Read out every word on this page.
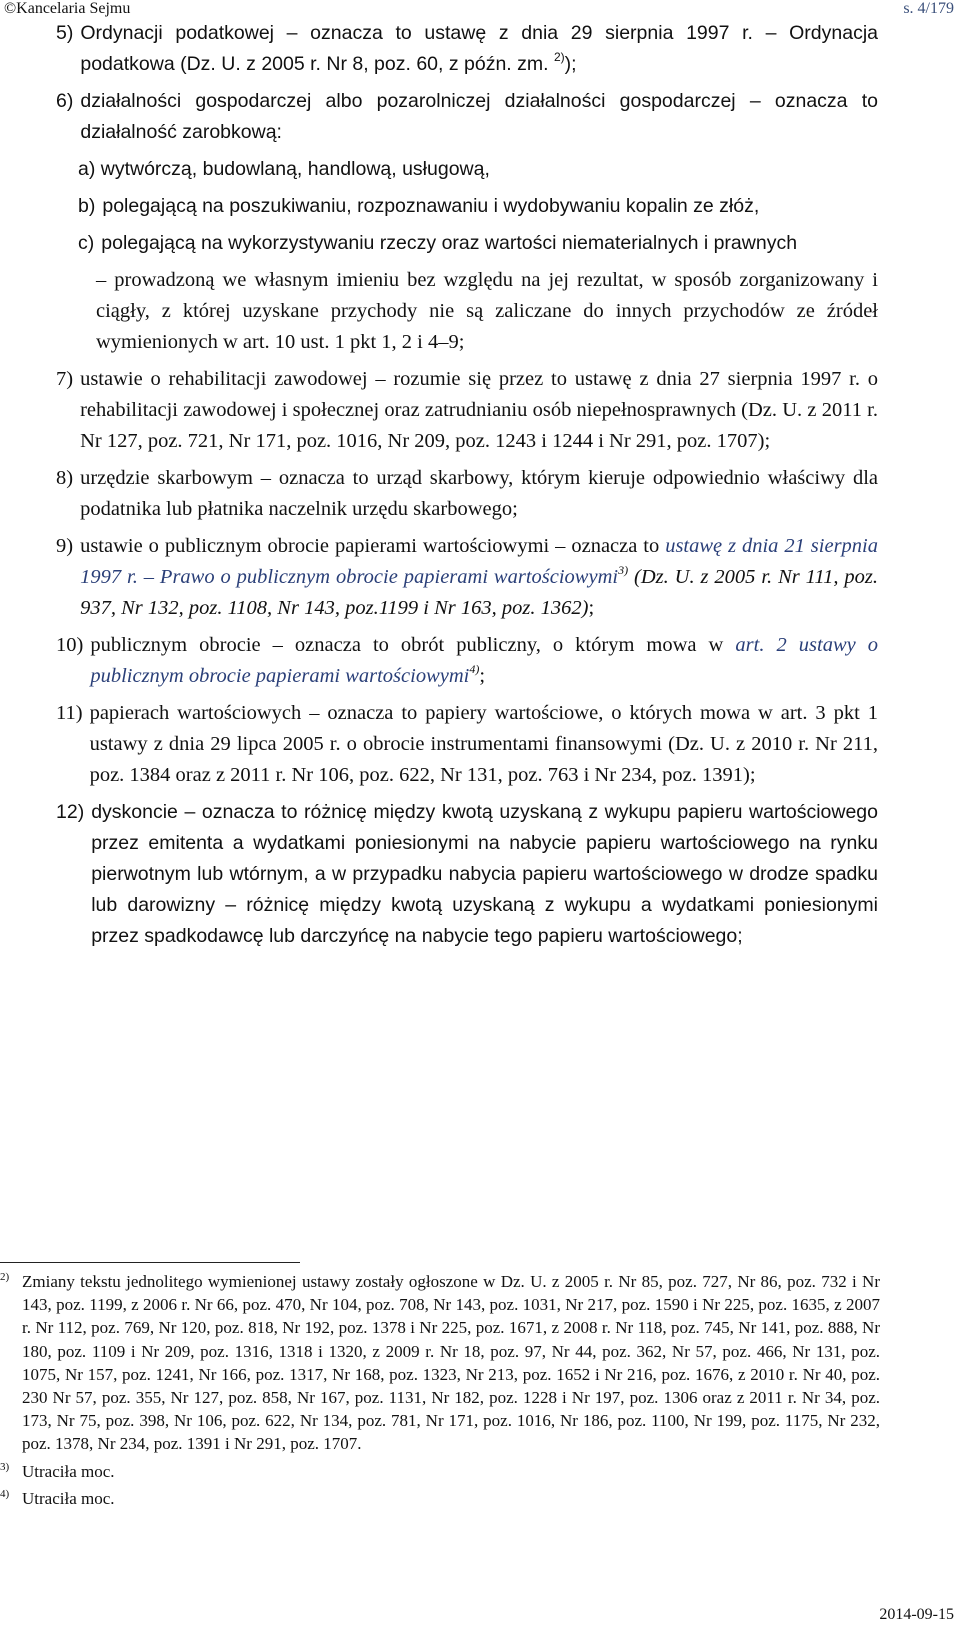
©Kancelaria Sejmu	s. 4/179
5) Ordynacji podatkowej – oznacza to ustawę z dnia 29 sierpnia 1997 r. – Ordynacja podatkowa (Dz. U. z 2005 r. Nr 8, poz. 60, z późn. zm. $^{2)}$);
6) działalności gospodarczej albo pozarolniczej działalności gospodarczej – oznacza to działalność zarobkową:
a) wytwórczą, budowlaną, handlową, usługową,
b) polegającą na poszukiwaniu, rozpoznawaniu i wydobywaniu kopalin ze złóż,
c) polegającą na wykorzystywaniu rzeczy oraz wartości niematerialnych i prawnych
– prowadzoną we własnym imieniu bez względu na jej rezultat, w sposób zorganizowany i ciągły, z której uzyskane przychody nie są zaliczane do innych przychodów ze źródeł wymienionych w art. 10 ust. 1 pkt 1, 2 i 4–9;
7) ustawie o rehabilitacji zawodowej – rozumie się przez to ustawę z dnia 27 sierpnia 1997 r. o rehabilitacji zawodowej i społecznej oraz zatrudnianiu osób niepełnosprawnych (Dz. U. z 2011 r. Nr 127, poz. 721, Nr 171, poz. 1016, Nr 209, poz. 1243 i 1244 i Nr 291, poz. 1707);
8) urzędzie skarbowym – oznacza to urząd skarbowy, którym kieruje odpowiednio właściwy dla podatnika lub płatnika naczelnik urzędu skarbowego;
9) ustawie o publicznym obrocie papierami wartościowymi – oznacza to ustawę z dnia 21 sierpnia 1997 r. – Prawo o publicznym obrocie papierami wartościowymi$^{3)}$ (Dz. U. z 2005 r. Nr 111, poz. 937, Nr 132, poz. 1108, Nr 143, poz.1199 i Nr 163, poz. 1362);
10) publicznym obrocie – oznacza to obrót publiczny, o którym mowa w art. 2 ustawy o publicznym obrocie papierami wartościowymi$^{4)}$;
11) papierach wartościowych – oznacza to papiery wartościowe, o których mowa w art. 3 pkt 1 ustawy z dnia 29 lipca 2005 r. o obrocie instrumentami finansowymi (Dz. U. z 2010 r. Nr 211, poz. 1384 oraz z 2011 r. Nr 106, poz. 622, Nr 131, poz. 763 i Nr 234, poz. 1391);
12) dyskoncie – oznacza to różnicę między kwotą uzyskaną z wykupu papieru wartościowego przez emitenta a wydatkami poniesionymi na nabycie papieru wartościowego na rynku pierwotnym lub wtórnym, a w przypadku nabycia papieru wartościowego w drodze spadku lub darowizny – różnicę między kwotą uzyskaną z wykupu a wydatkami poniesionymi przez spadkodawcę lub darczyńcę na nabycie tego papieru wartościowego;
2) Zmiany tekstu jednolitego wymienionej ustawy zostały ogłoszone w Dz. U. z 2005 r. Nr 85, poz. 727, Nr 86, poz. 732 i Nr 143, poz. 1199, z 2006 r. Nr 66, poz. 470, Nr 104, poz. 708, Nr 143, poz. 1031, Nr 217, poz. 1590 i Nr 225, poz. 1635, z 2007 r. Nr 112, poz. 769, Nr 120, poz. 818, Nr 192, poz. 1378 i Nr 225, poz. 1671, z 2008 r. Nr 118, poz. 745, Nr 141, poz. 888, Nr 180, poz. 1109 i Nr 209, poz. 1316, 1318 i 1320, z 2009 r. Nr 18, poz. 97, Nr 44, poz. 362, Nr 57, poz. 466, Nr 131, poz. 1075, Nr 157, poz. 1241, Nr 166, poz. 1317, Nr 168, poz. 1323, Nr 213, poz. 1652 i Nr 216, poz. 1676, z 2010 r. Nr 40, poz. 230 Nr 57, poz. 355, Nr 127, poz. 858, Nr 167, poz. 1131, Nr 182, poz. 1228 i Nr 197, poz. 1306 oraz z 2011 r. Nr 34, poz. 173, Nr 75, poz. 398, Nr 106, poz. 622, Nr 134, poz. 781, Nr 171, poz. 1016, Nr 186, poz. 1100, Nr 199, poz. 1175, Nr 232, poz. 1378, Nr 234, poz. 1391 i Nr 291, poz. 1707.
3) Utraciła moc.
4) Utraciła moc.
2014-09-15
